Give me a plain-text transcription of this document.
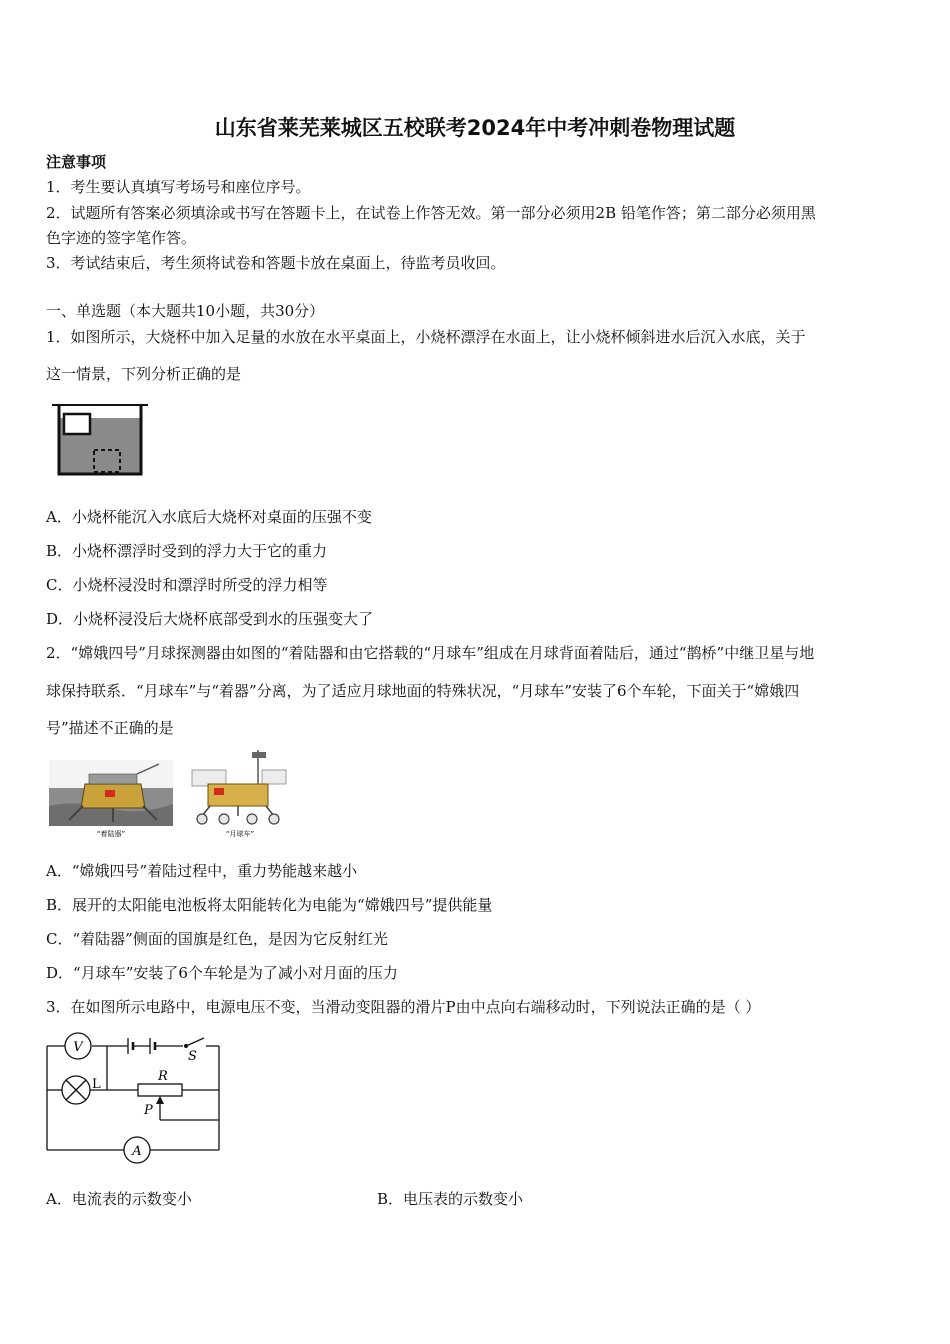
山东省莱芜莱城区五校联考2024年中考冲刺卷物理试题
注意事项
1．考生要认真填写考场号和座位序号。
2．试题所有答案必须填涂或书写在答题卡上，在试卷上作答无效。第一部分必须用2B 铅笔作答；第二部分必须用黑
色字迹的签字笔作答。
3．考试结束后，考生须将试卷和答题卡放在桌面上，待监考员收回。
一、单选题（本大题共10小题，共30分）
1．如图所示，大烧杯中加入足量的水放在水平桌面上，小烧杯漂浮在水面上，让小烧杯倾斜进水后沉入水底，关于
这一情景，下列分析正确的是
A．小烧杯能沉入水底后大烧杯对桌面的压强不变
B．小烧杯漂浮时受到的浮力大于它的重力
C．小烧杯浸没时和漂浮时所受的浮力相等
D．小烧杯浸没后大烧杯底部受到水的压强变大了
2．“嫦娥四号”月球探测器由如图的“着陆器和由它搭载的“月球车”组成在月球背面着陆后，通过“鹊桥”中继卫星与地
球保持联系．“月球车”与“着器”分离，为了适应月球地面的特殊状况，“月球车”安装了6个车轮，下面关于“嫦娥四
号”描述不正确的是
“着陆器”	“月球车”
A．“嫦娥四号”着陆过程中，重力势能越来越小
B．展开的太阳能电池板将太阳能转化为电能为“嫦娥四号”提供能量
C．“着陆器”侧面的国旗是红色，是因为它反射红光
D．“月球车”安装了6个车轮是为了减小对月面的压力
3．在如图所示电路中，电源电压不变，当滑动变阻器的滑片P由中点向右端移动时，下列说法正确的是（ ）
S
V
L
R
P
A
A．电流表的示数变小	B．电压表的示数变小
